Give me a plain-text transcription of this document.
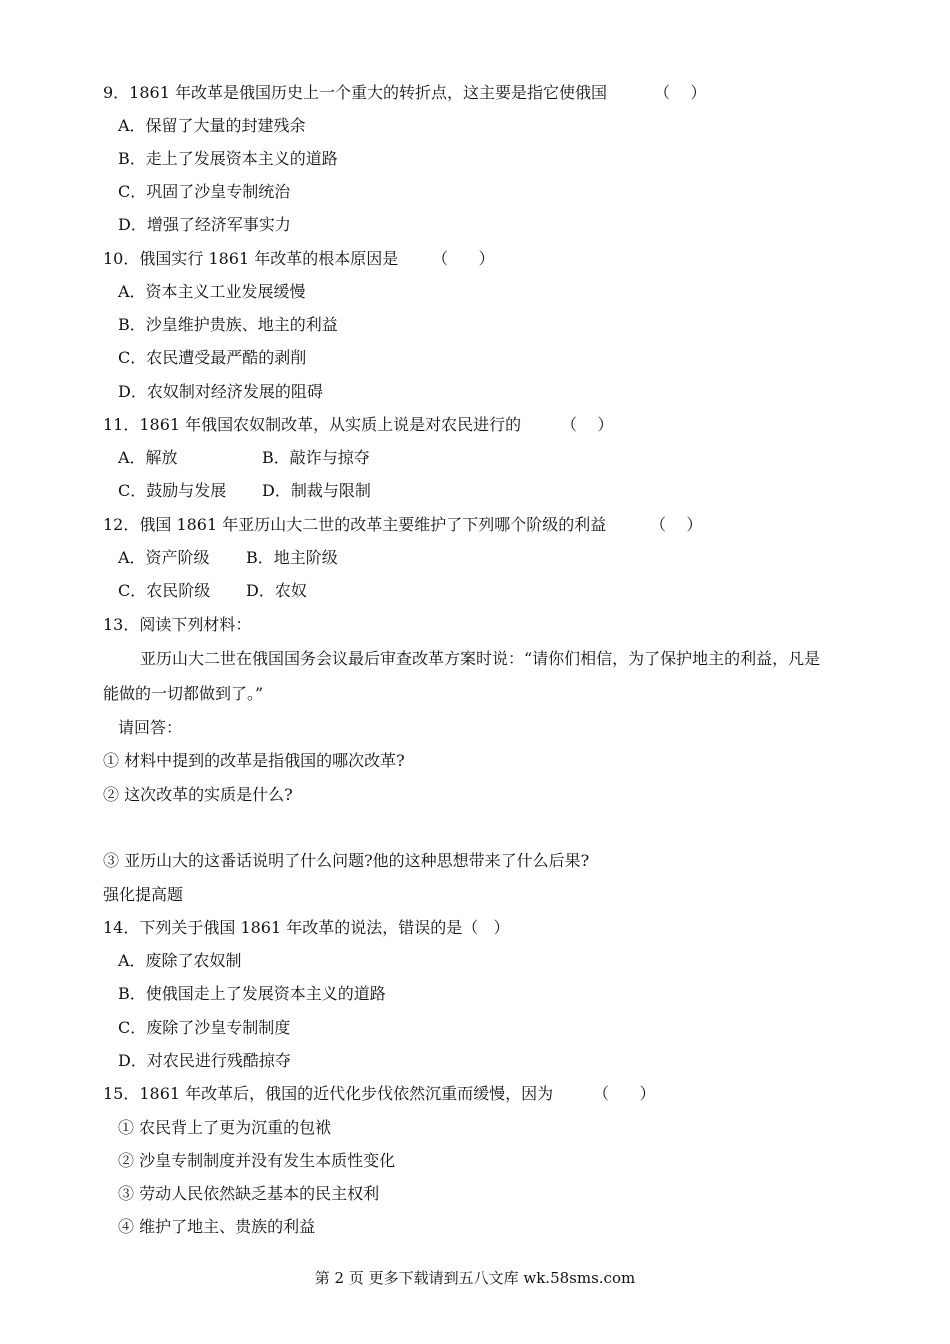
9．1861 年改革是俄国历史上一个重大的转折点，这主要是指它使俄国	（    ）
A．保留了大量的封建残余
B．走上了发展资本主义的道路
C．巩固了沙皇专制统治
D．增强了经济军事实力
10．俄国实行 1861 年改革的根本原因是 （      ）
A．资本主义工业发展缓慢
B．沙皇维护贵族、地主的利益
C．农民遭受最严酷的剥削
D．农奴制对经济发展的阻碍
11．1861 年俄国农奴制改革，从实质上说是对农民进行的 （    ）
A．解放	B．敲诈与掠夺
C．鼓励与发展 D．制裁与限制
12．俄国 1861 年亚历山大二世的改革主要维护了下列哪个阶级的利益	（    ）
A．资产阶级 B．地主阶级
C．农民阶级 D．农奴
13．阅读下列材料：
亚历山大二世在俄国国务会议最后审查改革方案时说：“请你们相信，为了保护地主的利益，凡是
能做的一切都做到了。”
请回答：
① 材料中提到的改革是指俄国的哪次改革?
② 这次改革的实质是什么?
③ 亚历山大的这番话说明了什么问题?他的这种思想带来了什么后果?
强化提高题
14．下列关于俄国 1861 年改革的说法，错误的是（   ）
A．废除了农奴制
B．使俄国走上了发展资本主义的道路
C．废除了沙皇专制制度
D．对农民进行残酷掠夺
15．1861 年改革后，俄国的近代化步伐依然沉重而缓慢，因为 （      ）
① 农民背上了更为沉重的包袱
② 沙皇专制制度并没有发生本质性变化
③ 劳动人民依然缺乏基本的民主权利
④ 维护了地主、贵族的利益
第 2 页 更多下载请到五八文库 wk.58sms.com
